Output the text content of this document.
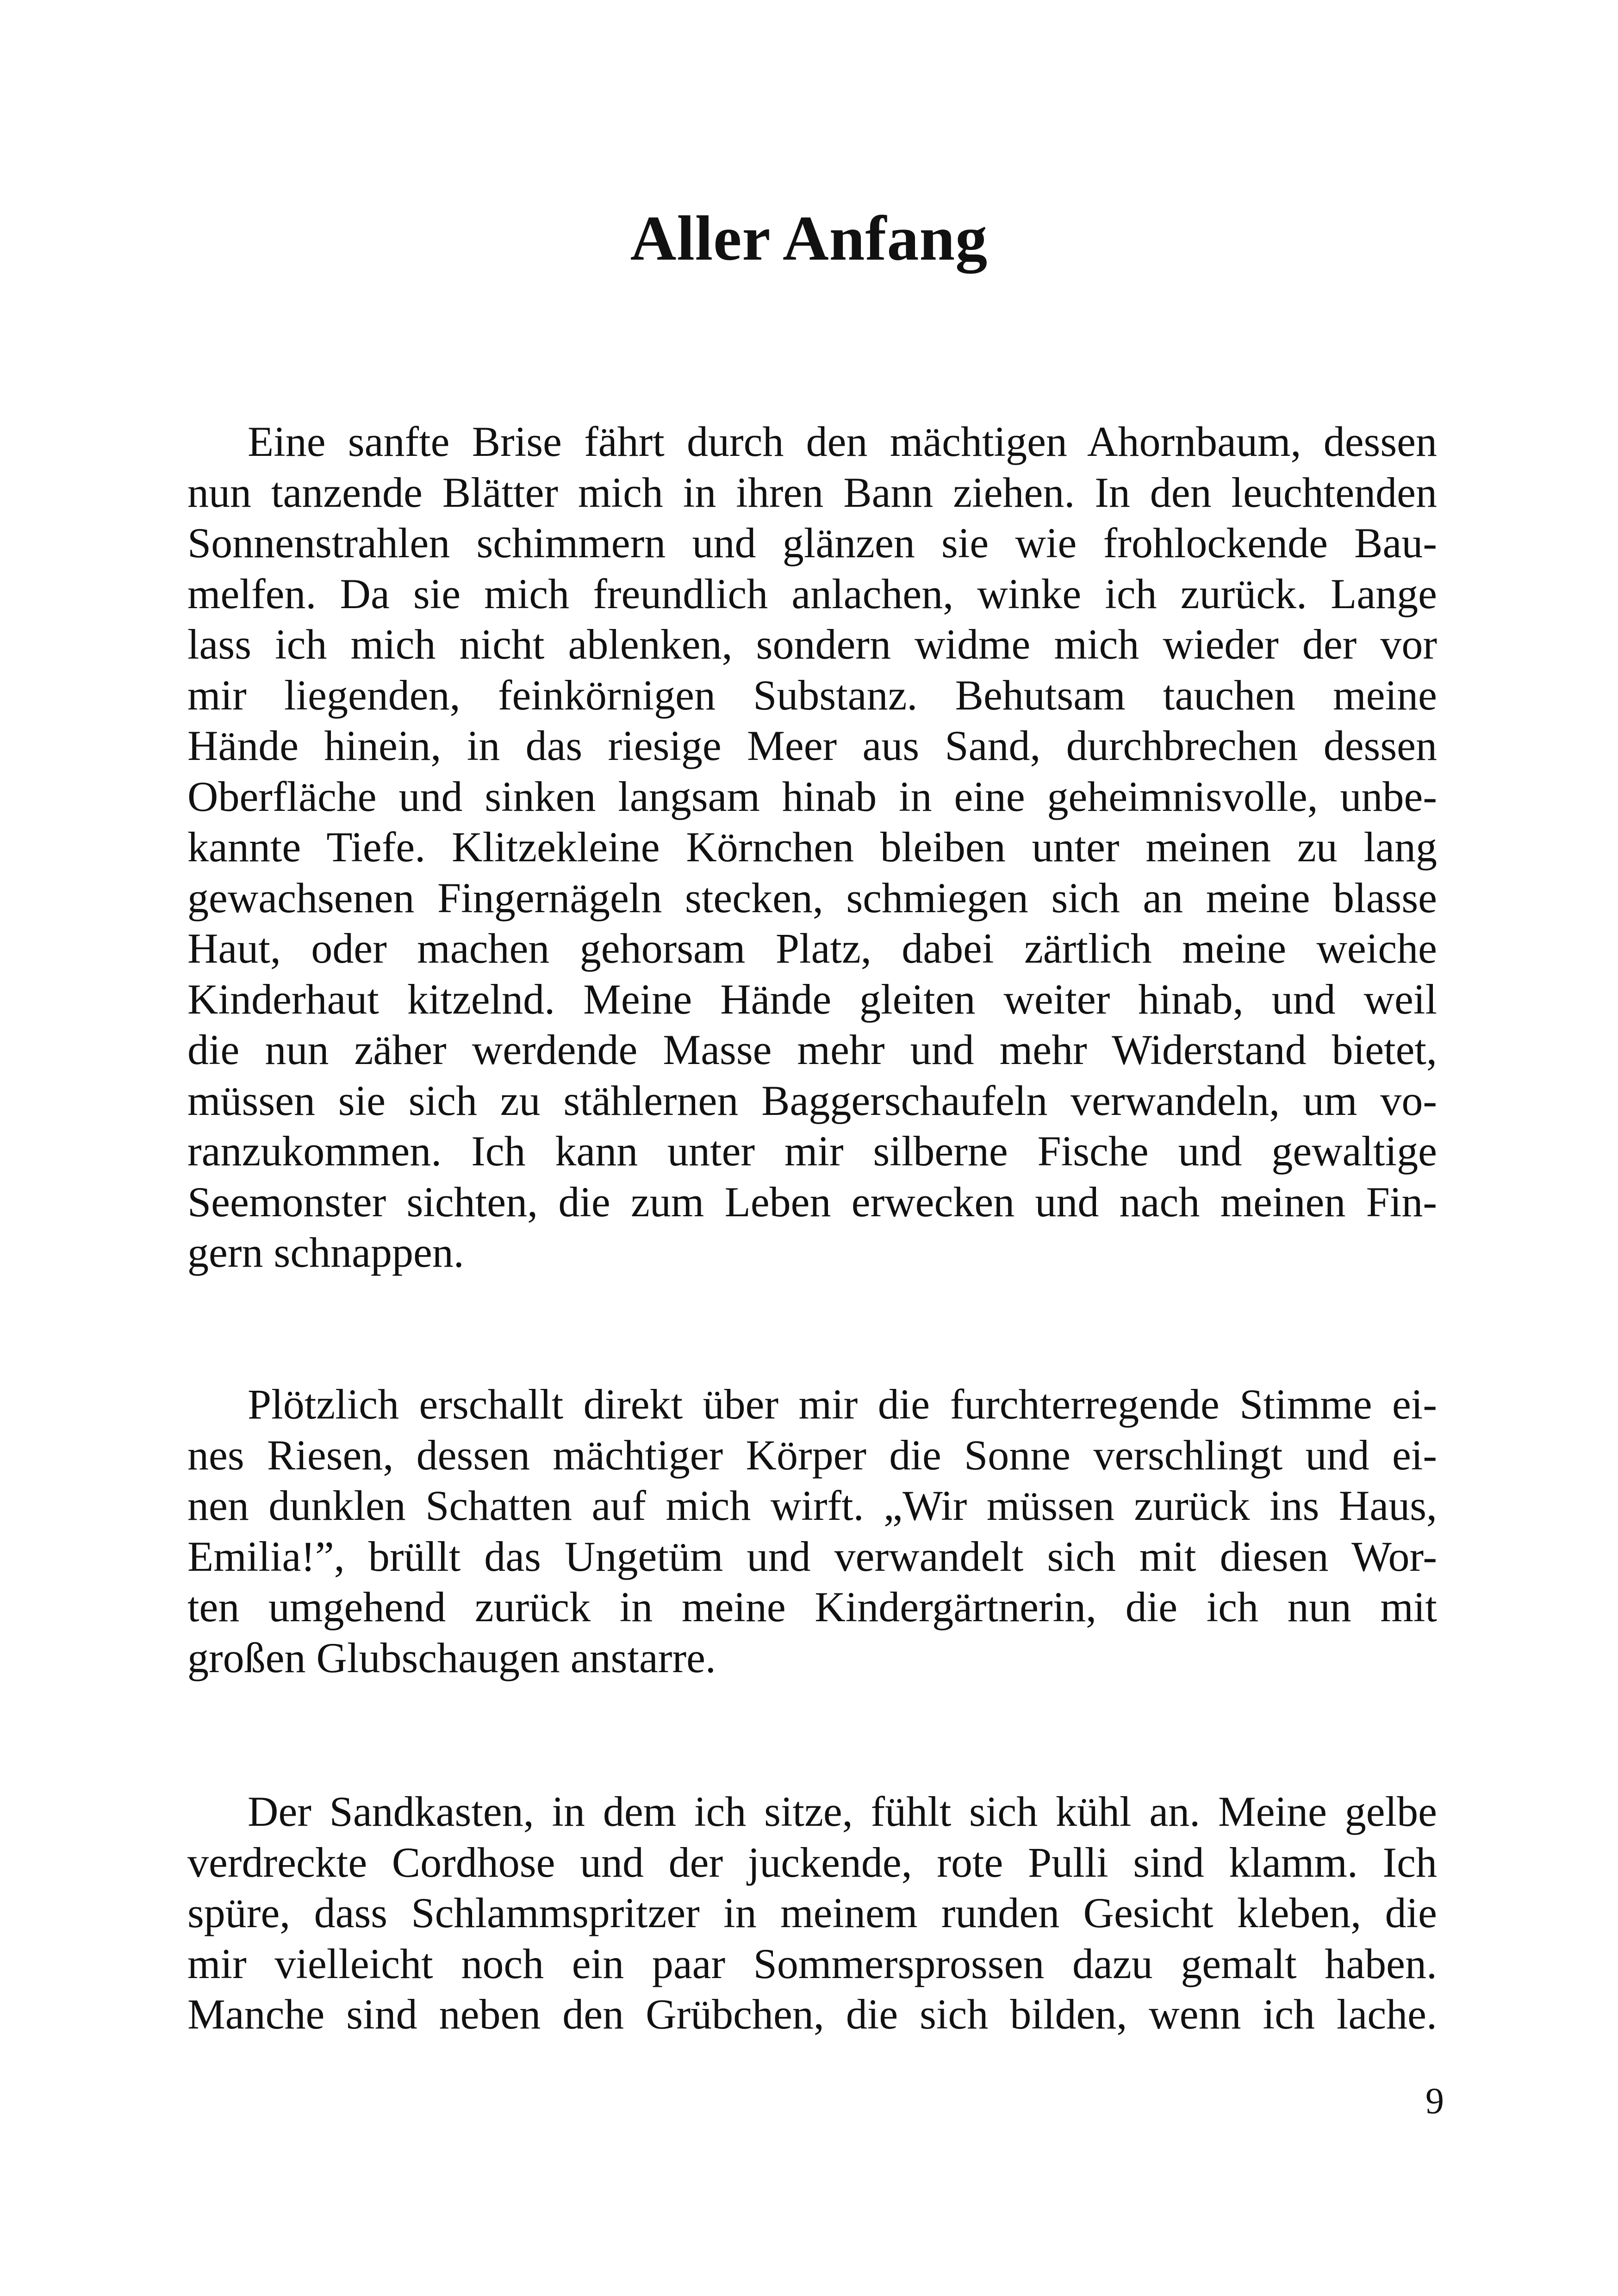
Aller Anfang

Eine sanfte Brise fährt durch den mächtigen Ahornbaum, dessen
nun tanzende Blätter mich in ihren Bann ziehen. In den leuchtenden
Sonnenstrahlen schimmern und glänzen sie wie frohlockende Bau-
melfen. Da sie mich freundlich anlachen, winke ich zurück. Lange
lass ich mich nicht ablenken, sondern widme mich wieder der vor
mir liegenden, feinkörnigen Substanz. Behutsam tauchen meine
Hände hinein, in das riesige Meer aus Sand, durchbrechen dessen
Oberfläche und sinken langsam hinab in eine geheimnisvolle, unbe-
kannte Tiefe. Klitzekleine Körnchen bleiben unter meinen zu lang
gewachsenen Fingernägeln stecken, schmiegen sich an meine blasse
Haut, oder machen gehorsam Platz, dabei zärtlich meine weiche
Kinderhaut kitzelnd. Meine Hände gleiten weiter hinab, und weil
die nun zäher werdende Masse mehr und mehr Widerstand bietet,
müssen sie sich zu stählernen Baggerschaufeln verwandeln, um vo-
ranzukommen. Ich kann unter mir silberne Fische und gewaltige
Seemonster sichten, die zum Leben erwecken und nach meinen Fin-
gern schnappen.

Plötzlich erschallt direkt über mir die furchterregende Stimme ei-
nes Riesen, dessen mächtiger Körper die Sonne verschlingt und ei-
nen dunklen Schatten auf mich wirft. „Wir müssen zurück ins Haus,
Emilia!”, brüllt das Ungetüm und verwandelt sich mit diesen Wor-
ten umgehend zurück in meine Kindergärtnerin, die ich nun mit
großen Glubschaugen anstarre.

Der Sandkasten, in dem ich sitze, fühlt sich kühl an. Meine gelbe
verdreckte Cordhose und der juckende, rote Pulli sind klamm. Ich
spüre, dass Schlammspritzer in meinem runden Gesicht kleben, die
mir vielleicht noch ein paar Sommersprossen dazu gemalt haben.
Manche sind neben den Grübchen, die sich bilden, wenn ich lache.

9
